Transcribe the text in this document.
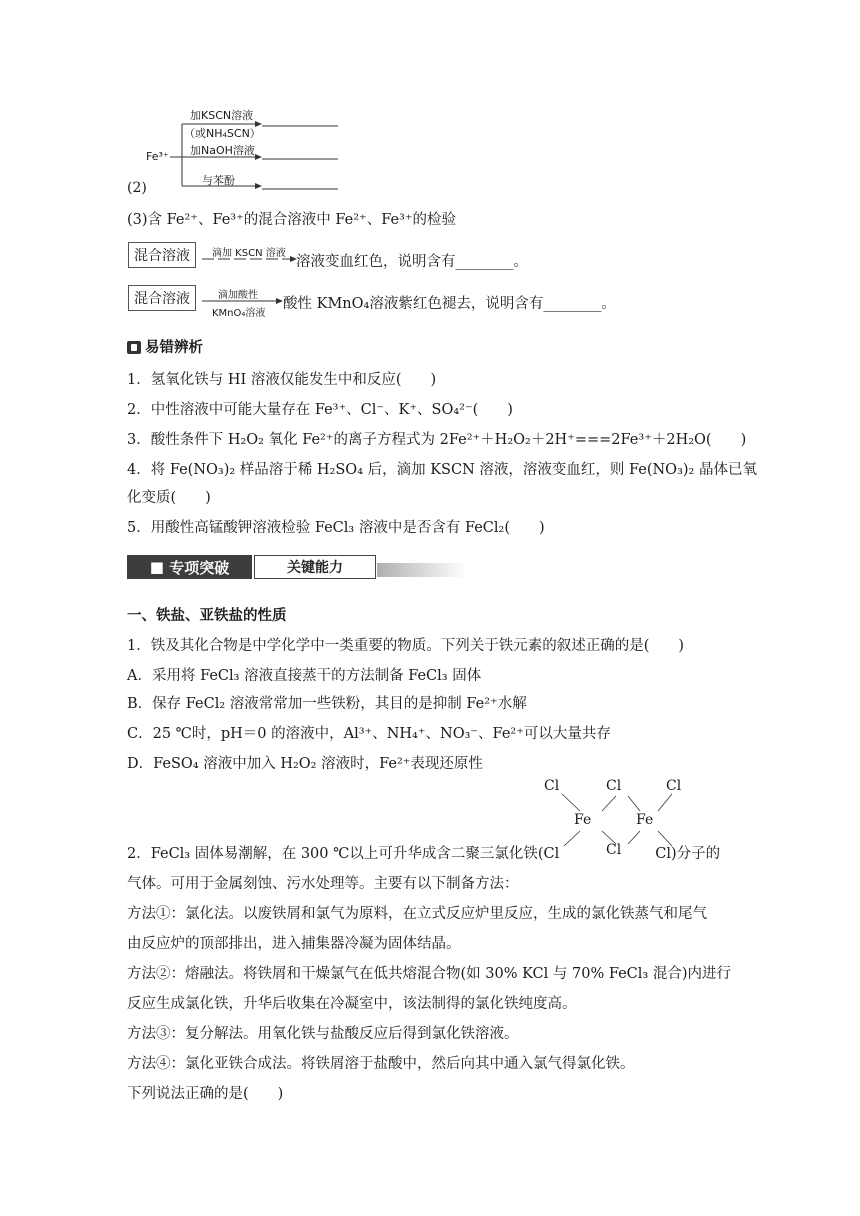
(2)
Fe³⁺
加KSCN溶液
（或NH₄SCN）
加NaOH溶液
与苯酚
(3)含 Fe²⁺、Fe³⁺的混合溶液中 Fe²⁺、Fe³⁺的检验
混合溶液	滴加 KSCN 溶液
溶液变血红色，说明含有________。
混合溶液	滴加酸性
KMnO₄溶液
酸性 KMnO₄溶液紫红色褪去，说明含有________。
易错辨析
1．氢氧化铁与 HI 溶液仅能发生中和反应(　　)
2．中性溶液中可能大量存在 Fe³⁺、Cl⁻、K⁺、SO₄²⁻(　　)
3．酸性条件下 H₂O₂ 氧化 Fe²⁺的离子方程式为 2Fe²⁺＋H₂O₂＋2H⁺===2Fe³⁺＋2H₂O(　　)
4．将 Fe(NO₃)₂ 样品溶于稀 H₂SO₄ 后，滴加 KSCN 溶液，溶液变血红，则 Fe(NO₃)₂ 晶体已氧
化变质(　　)
5．用酸性高锰酸钾溶液检验 FeCl₃ 溶液中是否含有 FeCl₂(　　)
■ 专项突破	关键能力
一、铁盐、亚铁盐的性质
1．铁及其化合物是中学化学中一类重要的物质。下列关于铁元素的叙述正确的是(　　)
A．采用将 FeCl₃ 溶液直接蒸干的方法制备 FeCl₃ 固体
B．保存 FeCl₂ 溶液常常加一些铁粉，其目的是抑制 Fe²⁺水解
C．25 ℃时，pH＝0 的溶液中，Al³⁺、NH₄⁺、NO₃⁻、Fe²⁺可以大量共存
D．FeSO₄ 溶液中加入 H₂O₂ 溶液时，Fe²⁺表现还原性
Cl	Cl	Cl
Fe	Fe
Cl
2．FeCl₃ 固体易潮解，在 300 ℃以上可升华成含二聚三氯化铁(Cl	Cl)分子的
气体。可用于金属刻蚀、污水处理等。主要有以下制备方法：
方法①：氯化法。以废铁屑和氯气为原料，在立式反应炉里反应，生成的氯化铁蒸气和尾气
由反应炉的顶部排出，进入捕集器冷凝为固体结晶。
方法②：熔融法。将铁屑和干燥氯气在低共熔混合物(如 30% KCl 与 70% FeCl₃ 混合)内进行
反应生成氯化铁，升华后收集在冷凝室中，该法制得的氯化铁纯度高。
方法③：复分解法。用氧化铁与盐酸反应后得到氯化铁溶液。
方法④：氯化亚铁合成法。将铁屑溶于盐酸中，然后向其中通入氯气得氯化铁。
下列说法正确的是(　　)
